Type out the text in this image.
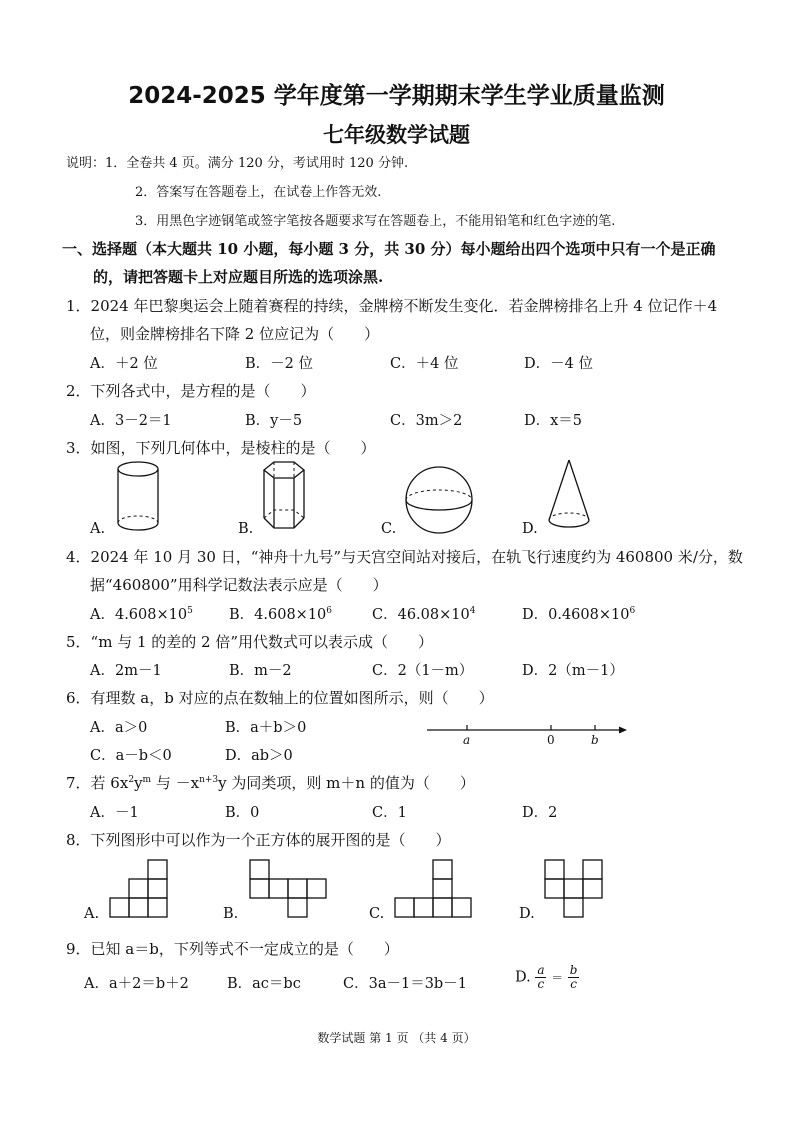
2024-2025 学年度第一学期期末学生学业质量监测
七年级数学试题
说明：1．全卷共 4 页。满分 120 分，考试用时 120 分钟.
2．答案写在答题卷上，在试卷上作答无效.
3．用黑色字迹钢笔或签字笔按各题要求写在答题卷上，不能用铅笔和红色字迹的笔.
一、选择题（本大题共 10 小题，每小题 3 分，共 30 分）每小题给出四个选项中只有一个是正确
的，请把答题卡上对应题目所选的选项涂黑.
1．2024 年巴黎奥运会上随着赛程的持续，金牌榜不断发生变化．若金牌榜排名上升 4 位记作＋4
位，则金牌榜排名下降 2 位应记为（　　）
A．＋2 位	B．－2 位	C．＋4 位	D．－4 位
2．下列各式中，是方程的是（　　）
A．3－2＝1	B．y－5	C．3m＞2	D．x＝5
3．如图，下列几何体中，是棱柱的是（　　）
A.	B.	C.	D.
4．2024 年 10 月 30 日，“神舟十九号”与天宫空间站对接后，在轨飞行速度约为 460800 米/分，数
据“460800”用科学记数法表示应是（　　）
A．$4.608\times 10^5$ B．$4.608\times 10^6$	C．$46.08\times 10^4$	D．$0.4608\times 10^6$
5．“m 与 1 的差的 2 倍”用代数式可以表示成（　　）
A．2m－1	B．m－2	C．2（1－m）	D．2（m－1）
6．有理数 a，b 对应的点在数轴上的位置如图所示，则（　　）
A．a＞0	B．a＋b＞0
C．a－b＜0	D．ab＞0
a	0	b
7．若 $6x^2y^m$ 与 $-x^{n+3}y$ 为同类项，则 m＋n 的值为（　　）
A．－1	B．0	C．1	D．2
8．下列图形中可以作为一个正方体的展开图的是（　　）
A.	B.	C.	D.
9．已知 a＝b，下列等式不一定成立的是（　　）
A．a＋2＝b＋2	B．ac＝bc	C．3a－1＝3b－1	D. $\frac{a}{c} = \frac{b}{c}$
数学试题 第 1 页 （共 4 页）
